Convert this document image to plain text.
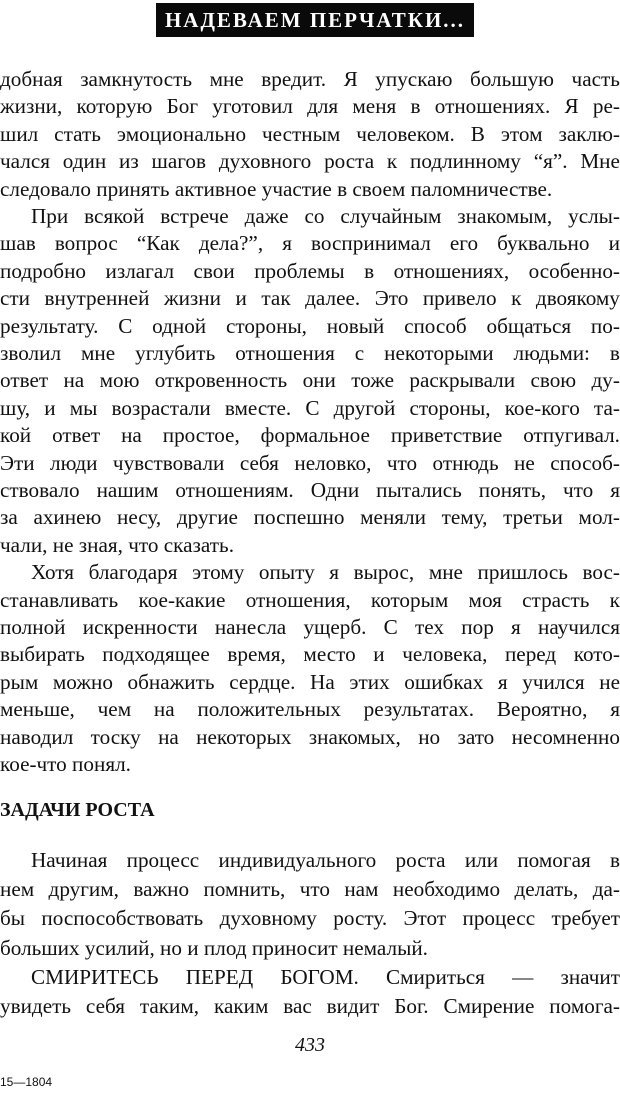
НАДЕВАЕМ ПЕРЧАТКИ...
добная замкнутость мне вредит. Я упускаю большую часть
жизни, которую Бог уготовил для меня в отношениях. Я ре-
шил стать эмоционально честным человеком. В этом заклю-
чался один из шагов духовного роста к подлинному “я”. Мне
следовало принять активное участие в своем паломничестве.
При всякой встрече даже со случайным знакомым, услы-
шав вопрос “Как дела?”, я воспринимал его буквально и
подробно излагал свои проблемы в отношениях, особенно-
сти внутренней жизни и так далее. Это привело к двоякому
результату. С одной стороны, новый способ общаться по-
зволил мне углубить отношения с некоторыми людьми: в
ответ на мою откровенность они тоже раскрывали свою ду-
шу, и мы возрастали вместе. С другой стороны, кое-кого та-
кой ответ на простое, формальное приветствие отпугивал.
Эти люди чувствовали себя неловко, что отнюдь не способ-
ствовало нашим отношениям. Одни пытались понять, что я
за ахинею несу, другие поспешно меняли тему, третьи мол-
чали, не зная, что сказать.
Хотя благодаря этому опыту я вырос, мне пришлось вос-
станавливать кое-какие отношения, которым моя страсть к
полной искренности нанесла ущерб. С тех пор я научился
выбирать подходящее время, место и человека, перед кото-
рым можно обнажить сердце. На этих ошибках я учился не
меньше, чем на положительных результатах. Вероятно, я
наводил тоску на некоторых знакомых, но зато несомненно
кое-что понял.
ЗАДАЧИ РОСТА
Начиная процесс индивидуального роста или помогая в
нем другим, важно помнить, что нам необходимо делать, да-
бы поспособствовать духовному росту. Этот процесс требует
больших усилий, но и плод приносит немалый.
СМИРИТЕСЬ ПЕРЕД БОГОМ. Смириться — значит
увидеть себя таким, каким вас видит Бог. Смирение помога-
433
15—1804
